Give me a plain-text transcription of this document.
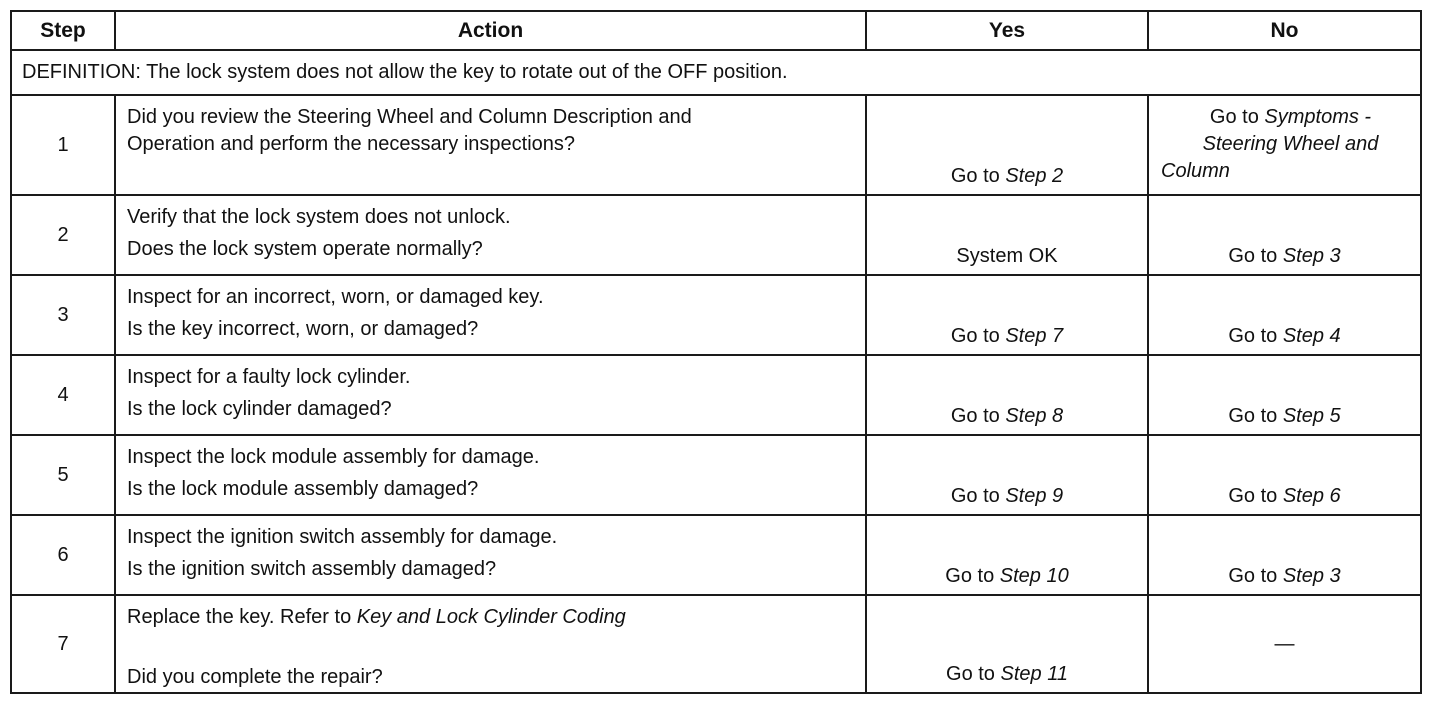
Step	Action	Yes	No
DEFINITION: The lock system does not allow the key to rotate out of the OFF position.			
1	Did you review the Steering Wheel and Column Description and
Operation and perform the necessary inspections?	Go to Step 2	Go to Symptoms -
Steering Wheel and
Column

2	Verify that the lock system does not unlock.
Does the lock system operate normally?	System OK	Go to Step 3
3	Inspect for an incorrect, worn, or damaged key.
Is the key incorrect, worn, or damaged?	Go to Step 7	Go to Step 4
4	Inspect for a faulty lock cylinder.
Is the lock cylinder damaged?	Go to Step 8	Go to Step 5
5	Inspect the lock module assembly for damage.
Is the lock module assembly damaged?	Go to Step 9	Go to Step 6
6	Inspect the ignition switch assembly for damage.
Is the ignition switch assembly damaged?	Go to Step 10	Go to Step 3
7	Replace the key. Refer to Key and Lock Cylinder Coding
Did you complete the repair?	Go to Step 11	—
